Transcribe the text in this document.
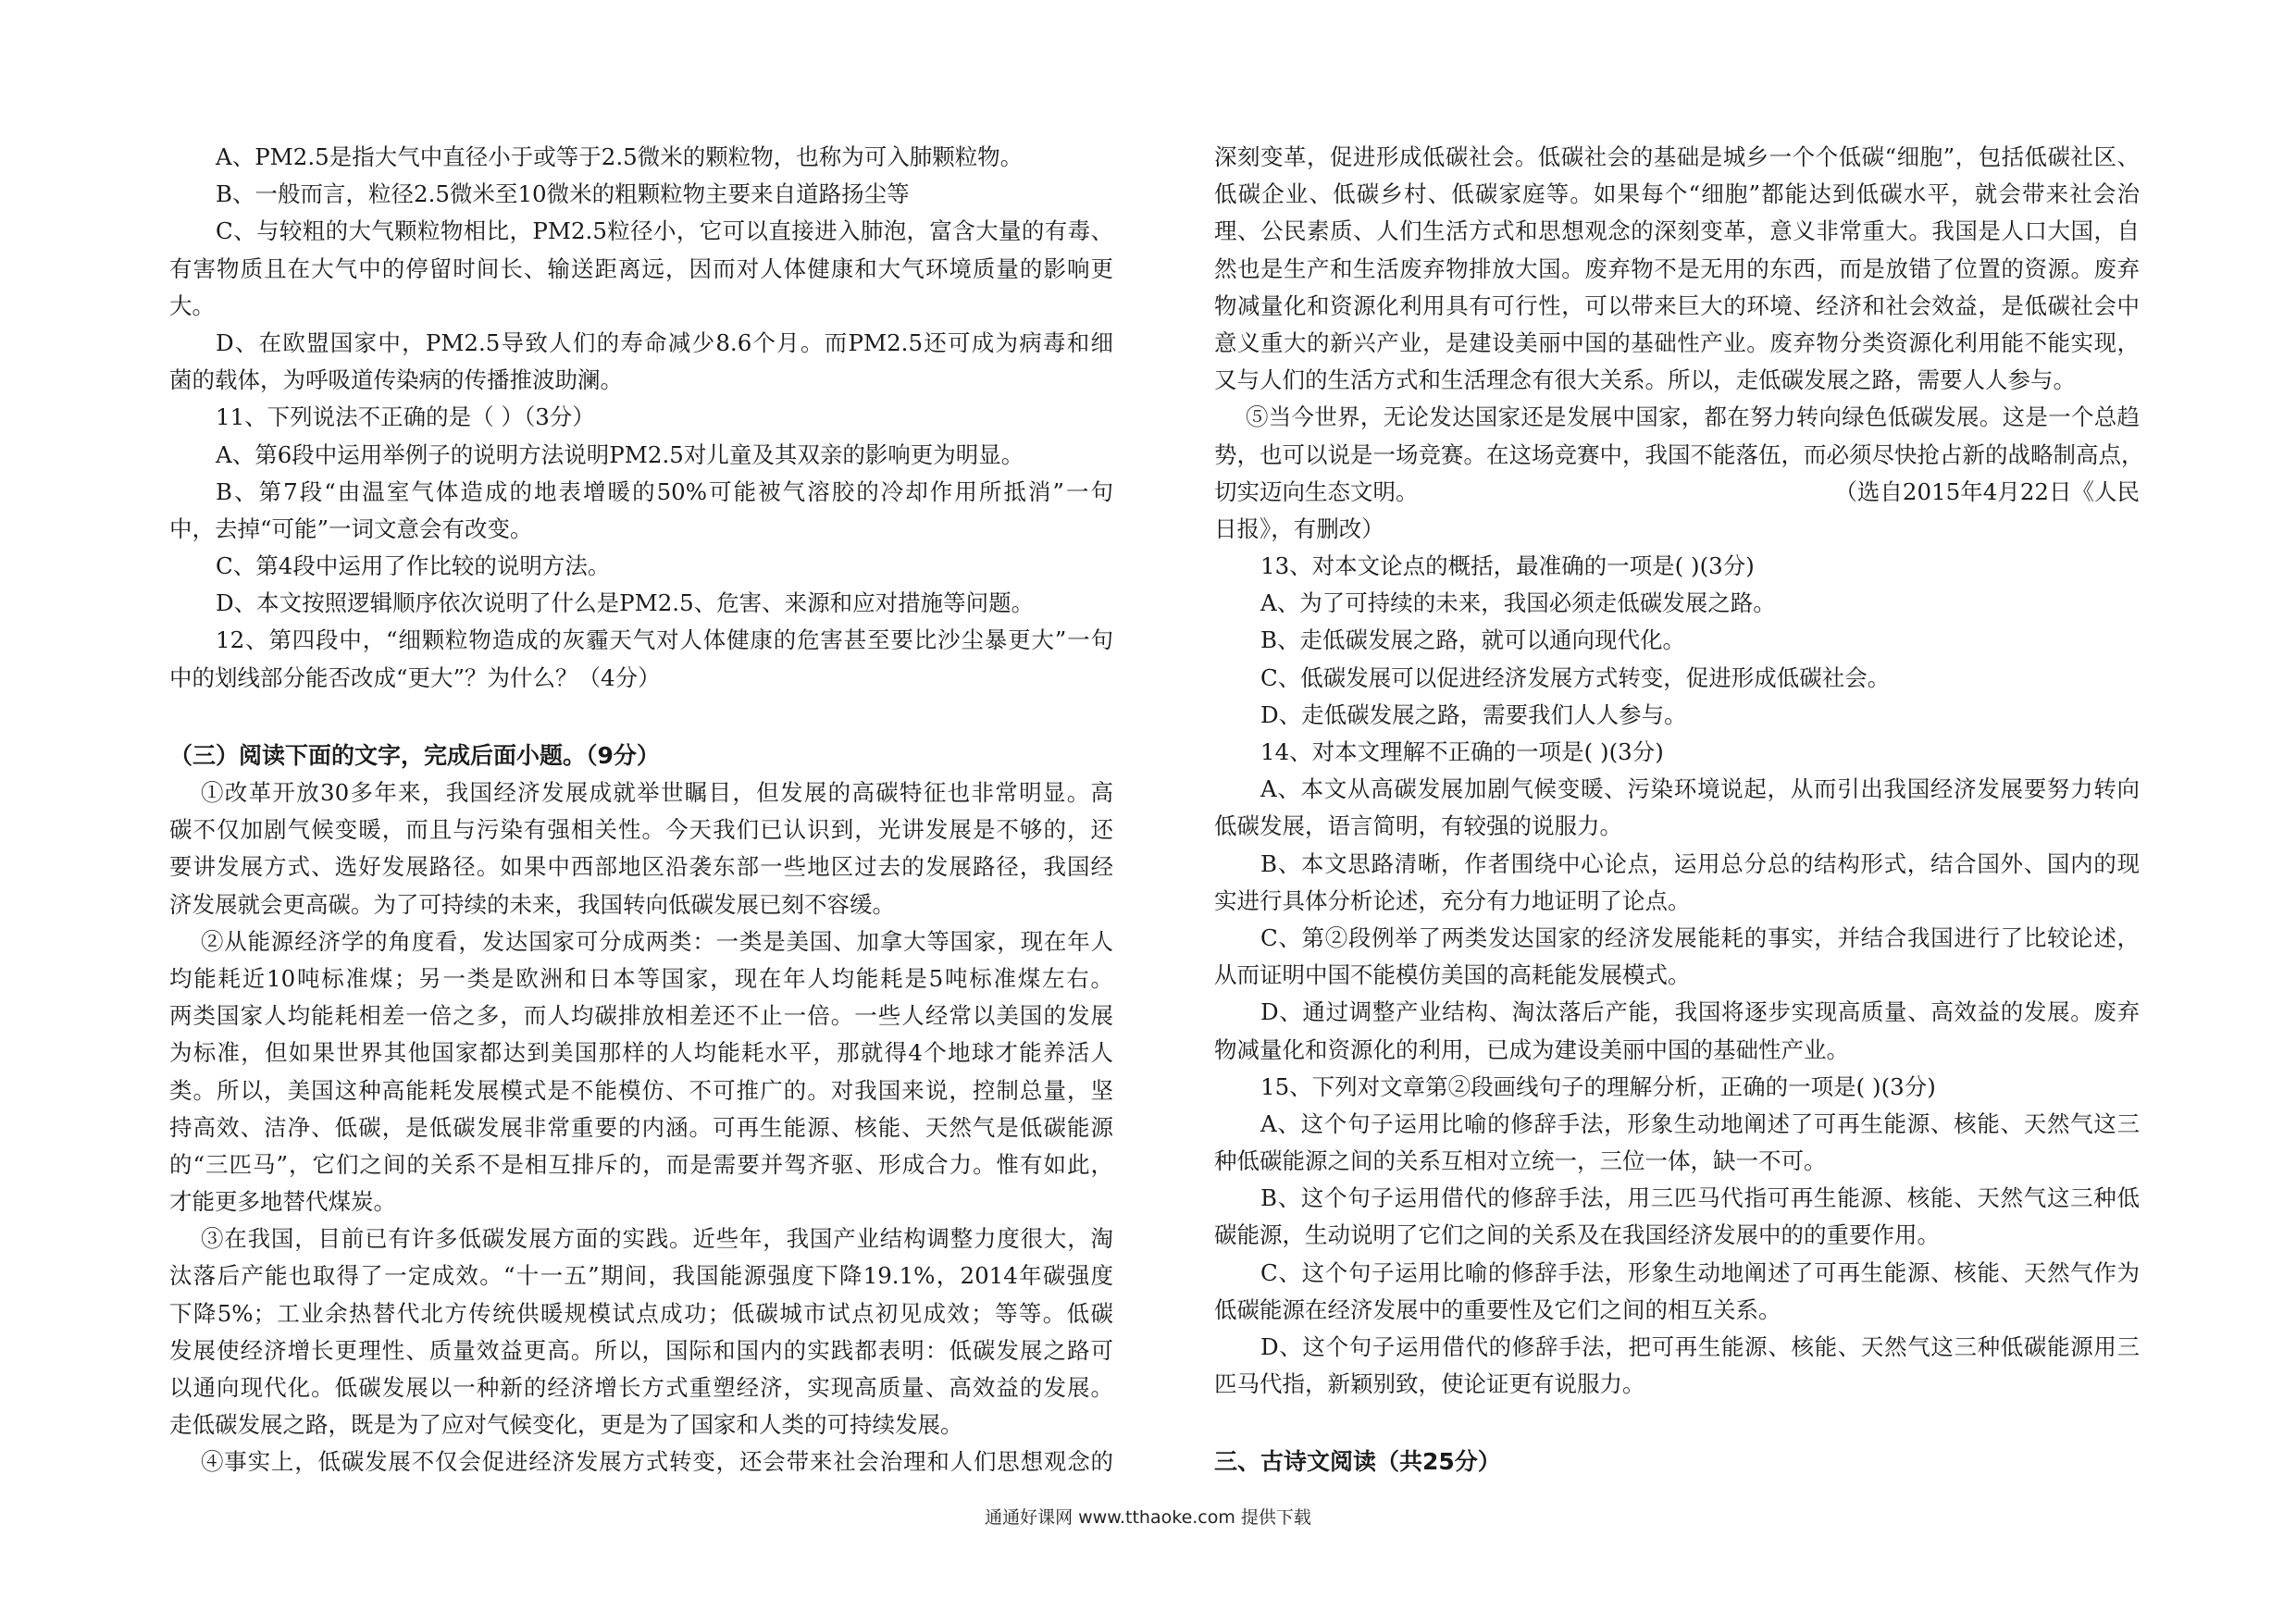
A、PM2.5是指大气中直径小于或等于2.5微米的颗粒物，也称为可入肺颗粒物。
B、一般而言，粒径2.5微米至10微米的粗颗粒物主要来自道路扬尘等
C、与较粗的大气颗粒物相比，PM2.5粒径小，它可以直接进入肺泡，富含大量的有毒、
有害物质且在大气中的停留时间长、输送距离远，因而对人体健康和大气环境质量的影响更
大。
D、在欧盟国家中，PM2.5导致人们的寿命减少8.6个月。而PM2.5还可成为病毒和细
菌的载体，为呼吸道传染病的传播推波助澜。
11、下列说法不正确的是（ ）（3分）
A、第6段中运用举例子的说明方法说明PM2.5对儿童及其双亲的影响更为明显。
B、第7段“由温室气体造成的地表增暖的50%可能被气溶胶的冷却作用所抵消”一句
中，去掉“可能”一词文意会有改变。
C、第4段中运用了作比较的说明方法。
D、本文按照逻辑顺序依次说明了什么是PM2.5、危害、来源和应对措施等问题。
12、第四段中，“细颗粒物造成的灰霾天气对人体健康的危害甚至要比沙尘暴更大”一句
中的划线部分能否改成“更大”？为什么？（4分）
（三）阅读下面的文字，完成后面小题。（9分）
①改革开放30多年来，我国经济发展成就举世瞩目，但发展的高碳特征也非常明显。高
碳不仅加剧气候变暖，而且与污染有强相关性。今天我们已认识到，光讲发展是不够的，还
要讲发展方式、选好发展路径。如果中西部地区沿袭东部一些地区过去的发展路径，我国经
济发展就会更高碳。为了可持续的未来，我国转向低碳发展已刻不容缓。
②从能源经济学的角度看，发达国家可分成两类：一类是美国、加拿大等国家，现在年人
均能耗近10吨标准煤；另一类是欧洲和日本等国家，现在年人均能耗是5吨标准煤左右。
两类国家人均能耗相差一倍之多，而人均碳排放相差还不止一倍。一些人经常以美国的发展
为标准，但如果世界其他国家都达到美国那样的人均能耗水平，那就得4个地球才能养活人
类。所以，美国这种高能耗发展模式是不能模仿、不可推广的。对我国来说，控制总量，坚
持高效、洁净、低碳，是低碳发展非常重要的内涵。可再生能源、核能、天然气是低碳能源
的“三匹马”，它们之间的关系不是相互排斥的，而是需要并驾齐驱、形成合力。惟有如此，
才能更多地替代煤炭。
③在我国，目前已有许多低碳发展方面的实践。近些年，我国产业结构调整力度很大，淘
汰落后产能也取得了一定成效。“十一五”期间，我国能源强度下降19.1%，2014年碳强度
下降5%；工业余热替代北方传统供暖规模试点成功；低碳城市试点初见成效；等等。低碳
发展使经济增长更理性、质量效益更高。所以，国际和国内的实践都表明：低碳发展之路可
以通向现代化。低碳发展以一种新的经济增长方式重塑经济，实现高质量、高效益的发展。
走低碳发展之路，既是为了应对气候变化，更是为了国家和人类的可持续发展。
④事实上，低碳发展不仅会促进经济发展方式转变，还会带来社会治理和人们思想观念的
深刻变革，促进形成低碳社会。低碳社会的基础是城乡一个个低碳“细胞”，包括低碳社区、
低碳企业、低碳乡村、低碳家庭等。如果每个“细胞”都能达到低碳水平，就会带来社会治
理、公民素质、人们生活方式和思想观念的深刻变革，意义非常重大。我国是人口大国，自
然也是生产和生活废弃物排放大国。废弃物不是无用的东西，而是放错了位置的资源。废弃
物减量化和资源化利用具有可行性，可以带来巨大的环境、经济和社会效益，是低碳社会中
意义重大的新兴产业，是建设美丽中国的基础性产业。废弃物分类资源化利用能不能实现，
又与人们的生活方式和生活理念有很大关系。所以，走低碳发展之路，需要人人参与。
⑤当今世界，无论发达国家还是发展中国家，都在努力转向绿色低碳发展。这是一个总趋
势，也可以说是一场竞赛。在这场竞赛中，我国不能落伍，而必须尽快抢占新的战略制高点，
切实迈向生态文明。	（选自2015年4月22日《人民
日报》，有删改）
13、对本文论点的概括，最准确的一项是( )(3分)
A、为了可持续的未来，我国必须走低碳发展之路。
B、走低碳发展之路，就可以通向现代化。
C、低碳发展可以促进经济发展方式转变，促进形成低碳社会。
D、走低碳发展之路，需要我们人人参与。
14、对本文理解不正确的一项是( )(3分)
A、本文从高碳发展加剧气候变暖、污染环境说起，从而引出我国经济发展要努力转向
低碳发展，语言简明，有较强的说服力。
B、本文思路清晰，作者围绕中心论点，运用总分总的结构形式，结合国外、国内的现
实进行具体分析论述，充分有力地证明了论点。
C、第②段例举了两类发达国家的经济发展能耗的事实，并结合我国进行了比较论述，
从而证明中国不能模仿美国的高耗能发展模式。
D、通过调整产业结构、淘汰落后产能，我国将逐步实现高质量、高效益的发展。废弃
物减量化和资源化的利用，已成为建设美丽中国的基础性产业。
15、下列对文章第②段画线句子的理解分析，正确的一项是( )(3分)
A、这个句子运用比喻的修辞手法，形象生动地阐述了可再生能源、核能、天然气这三
种低碳能源之间的关系互相对立统一，三位一体，缺一不可。
B、这个句子运用借代的修辞手法，用三匹马代指可再生能源、核能、天然气这三种低
碳能源，生动说明了它们之间的关系及在我国经济发展中的的重要作用。
C、这个句子运用比喻的修辞手法，形象生动地阐述了可再生能源、核能、天然气作为
低碳能源在经济发展中的重要性及它们之间的相互关系。
D、这个句子运用借代的修辞手法，把可再生能源、核能、天然气这三种低碳能源用三
匹马代指，新颖别致，使论证更有说服力。
三、古诗文阅读（共25分）
通通好课网 www.tthaoke.com 提供下载
